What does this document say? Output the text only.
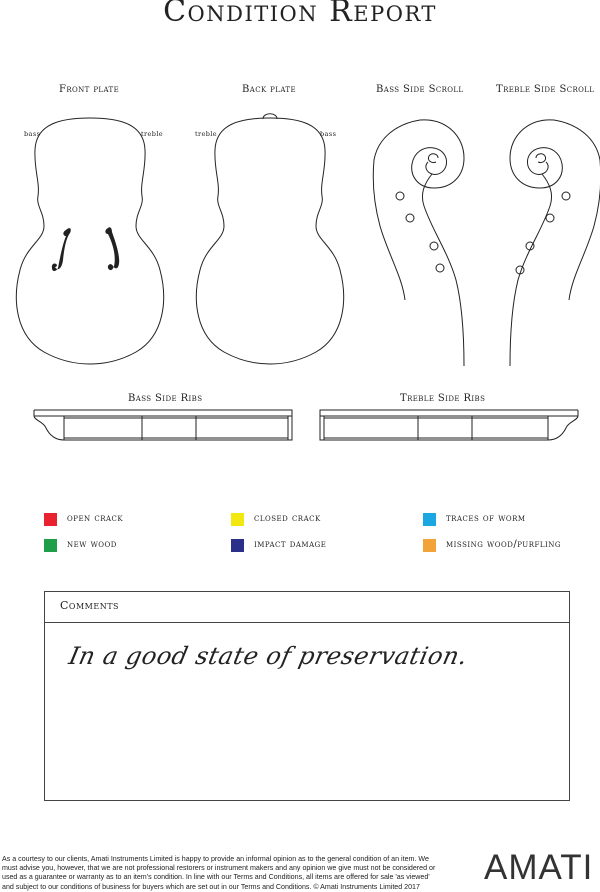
Condition Report
Front plate	Back plate	Bass Side Scroll	Treble Side Scroll
bass	treble	treble	bass
Bass Side Ribs	Treble Side Ribs
open crack	closed crack	traces of worm
new wood	impact damage	missing wood/purfling
Comments
In a good state of preservation.
As a courtesy to our clients, Amati Instruments Limited is happy to provide an informal opinion as to the general condition of an item. We must advise you, however, that we are not professional restorers or instrument makers and any opinion we give must not be considered or used as a guarantee or warranty as to an item's condition. In line with our Terms and Conditions, all items are offered for sale 'as viewed' and subject to our conditions of business for buyers which are set out in our Terms and Conditions. © Amati Instruments Limited 2017	AMATI
